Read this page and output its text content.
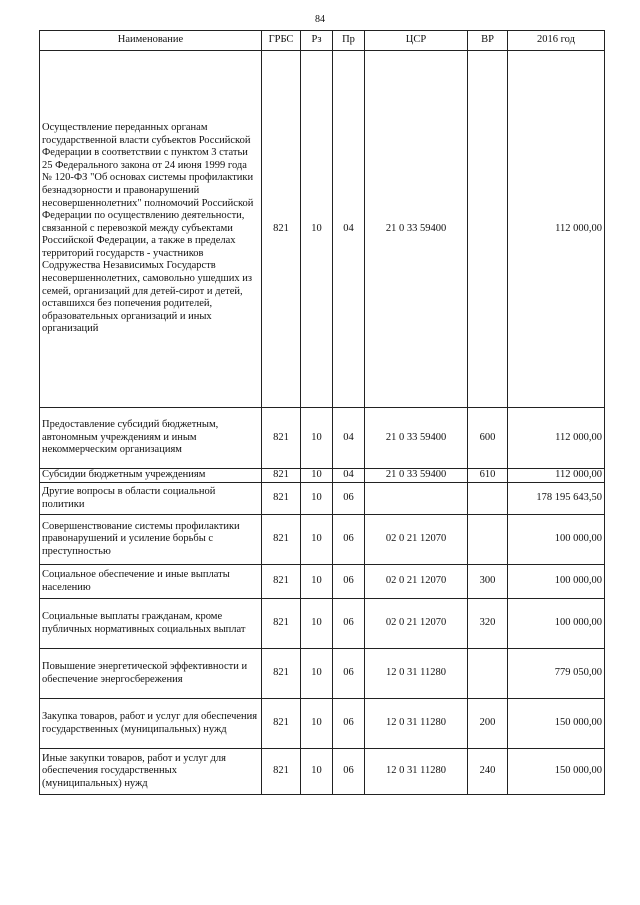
84
Наименование	ГРБС	Рз	Пр	ЦСР	ВР	2016 год
Осуществление переданных органам государственной власти субъектов Российской Федерации в соответствии с пунктом 3 статьи 25 Федерального закона от 24 июня 1999 года № 120-ФЗ "Об основах системы профилактики безнадзорности и правонарушений несовершеннолетних" полномочий Российской Федерации по осуществлению деятельности, связанной с перевозкой между субъектами Российской Федерации, а также в пределах территорий государств - участников Содружества Независимых Государств несовершеннолетних, самовольно ушедших из семей, организаций для детей-сирот и детей, оставшихся без попечения родителей, образовательных организаций и иных организаций	821	10	04	21 0 33 59400		112 000,00
Предоставление субсидий бюджетным, автономным учреждениям и иным некоммерческим организациям	821	10	04	21 0 33 59400	600	112 000,00
Субсидии бюджетным учреждениям	821	10	04	21 0 33 59400	610	112 000,00
Другие вопросы в области социальной политики	821	10	06			178 195 643,50
Совершенствование системы профилактики правонарушений и усиление борьбы с преступностью	821	10	06	02 0 21 12070		100 000,00
Социальное обеспечение и иные выплаты населению	821	10	06	02 0 21 12070	300	100 000,00
Социальные выплаты гражданам, кроме публичных нормативных социальных выплат	821	10	06	02 0 21 12070	320	100 000,00
Повышение энергетической эффективности и обеспечение энергосбережения	821	10	06	12 0 31 11280		779 050,00
Закупка товаров, работ и услуг для обеспечения государственных (муниципальных) нужд	821	10	06	12 0 31 11280	200	150 000,00
Иные закупки товаров, работ и услуг для обеспечения государственных (муниципальных) нужд	821	10	06	12 0 31 11280	240	150 000,00
